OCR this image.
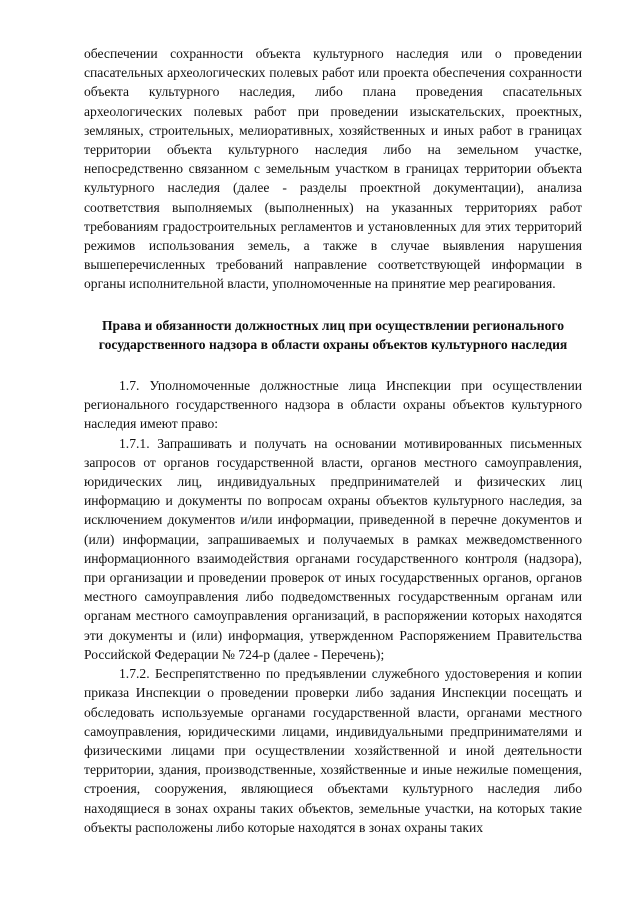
обеспечении сохранности объекта культурного наследия или о проведении спасательных археологических полевых работ или проекта обеспечения сохранности объекта культурного наследия, либо плана проведения спасательных археологических полевых работ при проведении изыскательских, проектных, земляных, строительных, мелиоративных, хозяйственных и иных работ в границах территории объекта культурного наследия либо на земельном участке, непосредственно связанном с земельным участком в границах территории объекта культурного наследия (далее - разделы проектной документации), анализа соответствия выполняемых (выполненных) на указанных территориях работ требованиям градостроительных регламентов и установленных для этих территорий режимов использования земель, а также в случае выявления нарушения вышеперечисленных требований направление соответствующей информации в органы исполнительной власти, уполномоченные на принятие мер реагирования.

Права и обязанности должностных лиц при осуществлении регионального государственного надзора в области охраны объектов культурного наследия

1.7. Уполномоченные должностные лица Инспекции при осуществлении регионального государственного надзора в области охраны объектов культурного наследия имеют право:

1.7.1. Запрашивать и получать на основании мотивированных письменных запросов от органов государственной власти, органов местного самоуправления, юридических лиц, индивидуальных предпринимателей и физических лиц информацию и документы по вопросам охраны объектов культурного наследия, за исключением документов и/или информации, приведенной в перечне документов и (или) информации, запрашиваемых и получаемых в рамках межведомственного информационного взаимодействия органами государственного контроля (надзора), при организации и проведении проверок от иных государственных органов, органов местного самоуправления либо подведомственных государственным органам или органам местного самоуправления организаций, в распоряжении которых находятся эти документы и (или) информация, утвержденном Распоряжением Правительства Российской Федерации № 724-р (далее - Перечень);

1.7.2. Беспрепятственно по предъявлении служебного удостоверения и копии приказа Инспекции о проведении проверки либо задания Инспекции посещать и обследовать используемые органами государственной власти, органами местного самоуправления, юридическими лицами, индивидуальными предпринимателями и физическими лицами при осуществлении хозяйственной и иной деятельности территории, здания, производственные, хозяйственные и иные нежилые помещения, строения, сооружения, являющиеся объектами культурного наследия либо находящиеся в зонах охраны таких объектов, земельные участки, на которых такие объекты расположены либо которые находятся в зонах охраны таких
